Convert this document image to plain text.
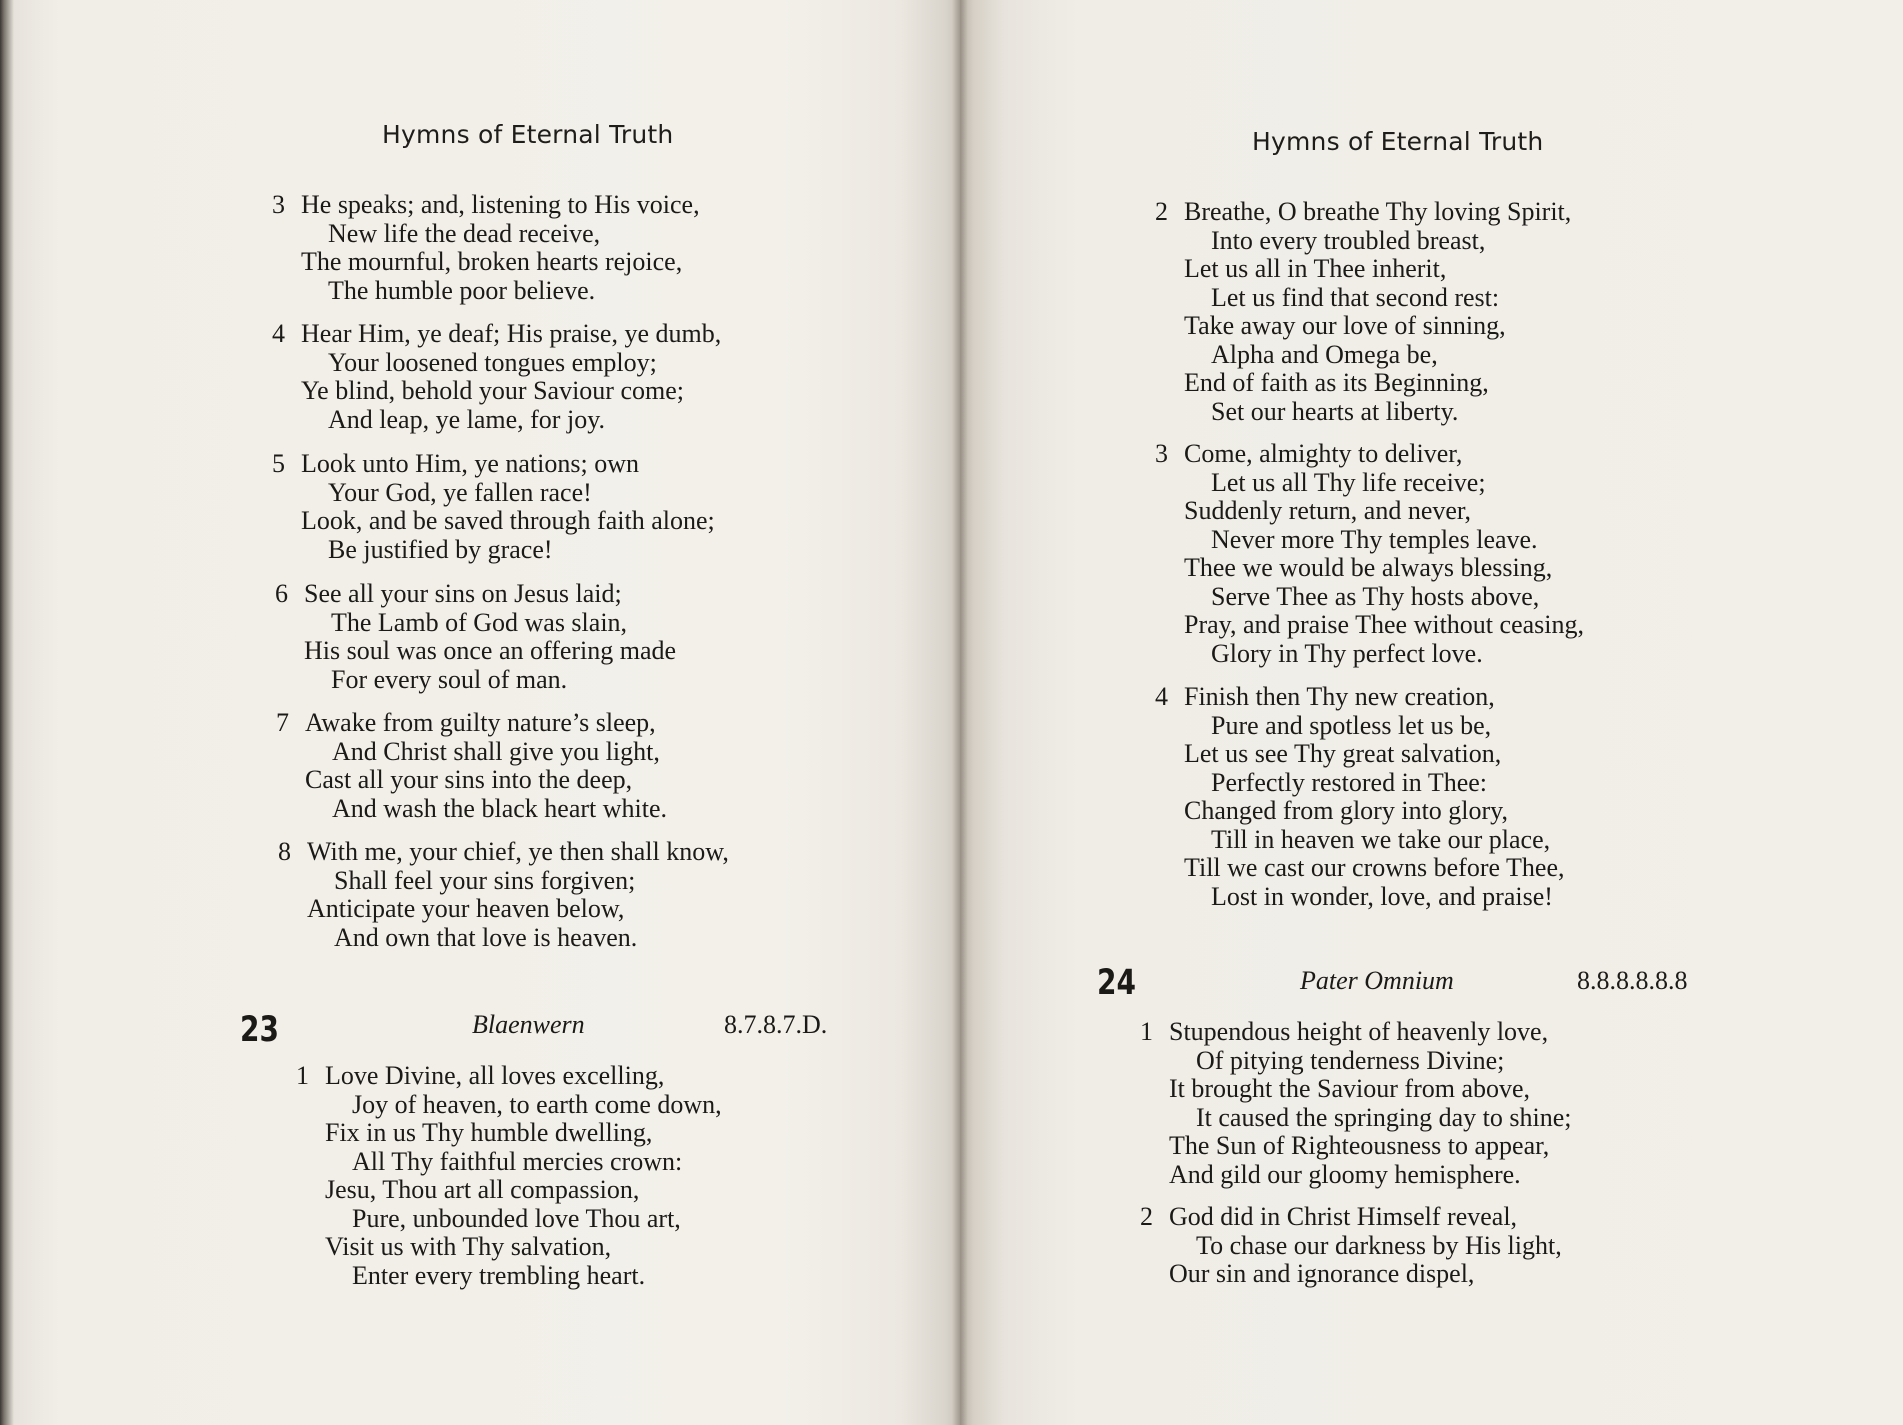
Hymns of Eternal Truth
3 He speaks; and, listening to His voice,
New life the dead receive,
The mournful, broken hearts rejoice,
The humble poor believe.
4 Hear Him, ye deaf; His praise, ye dumb,
Your loosened tongues employ;
Ye blind, behold your Saviour come;
And leap, ye lame, for joy.
5 Look unto Him, ye nations; own
Your God, ye fallen race!
Look, and be saved through faith alone;
Be justified by grace!
6 See all your sins on Jesus laid;
The Lamb of God was slain,
His soul was once an offering made
For every soul of man.
7 Awake from guilty nature’s sleep,
And Christ shall give you light,
Cast all your sins into the deep,
And wash the black heart white.
8 With me, your chief, ye then shall know,
Shall feel your sins forgiven;
Anticipate your heaven below,
And own that love is heaven.
23	Blaenwern	8.7.8.7.D.
1 Love Divine, all loves excelling,
Joy of heaven, to earth come down,
Fix in us Thy humble dwelling,
All Thy faithful mercies crown:
Jesu, Thou art all compassion,
Pure, unbounded love Thou art,
Visit us with Thy salvation,
Enter every trembling heart.
Hymns of Eternal Truth
2 Breathe, O breathe Thy loving Spirit,
Into every troubled breast,
Let us all in Thee inherit,
Let us find that second rest:
Take away our love of sinning,
Alpha and Omega be,
End of faith as its Beginning,
Set our hearts at liberty.
3 Come, almighty to deliver,
Let us all Thy life receive;
Suddenly return, and never,
Never more Thy temples leave.
Thee we would be always blessing,
Serve Thee as Thy hosts above,
Pray, and praise Thee without ceasing,
Glory in Thy perfect love.
4 Finish then Thy new creation,
Pure and spotless let us be,
Let us see Thy great salvation,
Perfectly restored in Thee:
Changed from glory into glory,
Till in heaven we take our place,
Till we cast our crowns before Thee,
Lost in wonder, love, and praise!
24	Pater Omnium	8.8.8.8.8.8
1 Stupendous height of heavenly love,
Of pitying tenderness Divine;
It brought the Saviour from above,
It caused the springing day to shine;
The Sun of Righteousness to appear,
And gild our gloomy hemisphere.
2 God did in Christ Himself reveal,
To chase our darkness by His light,
Our sin and ignorance dispel,
